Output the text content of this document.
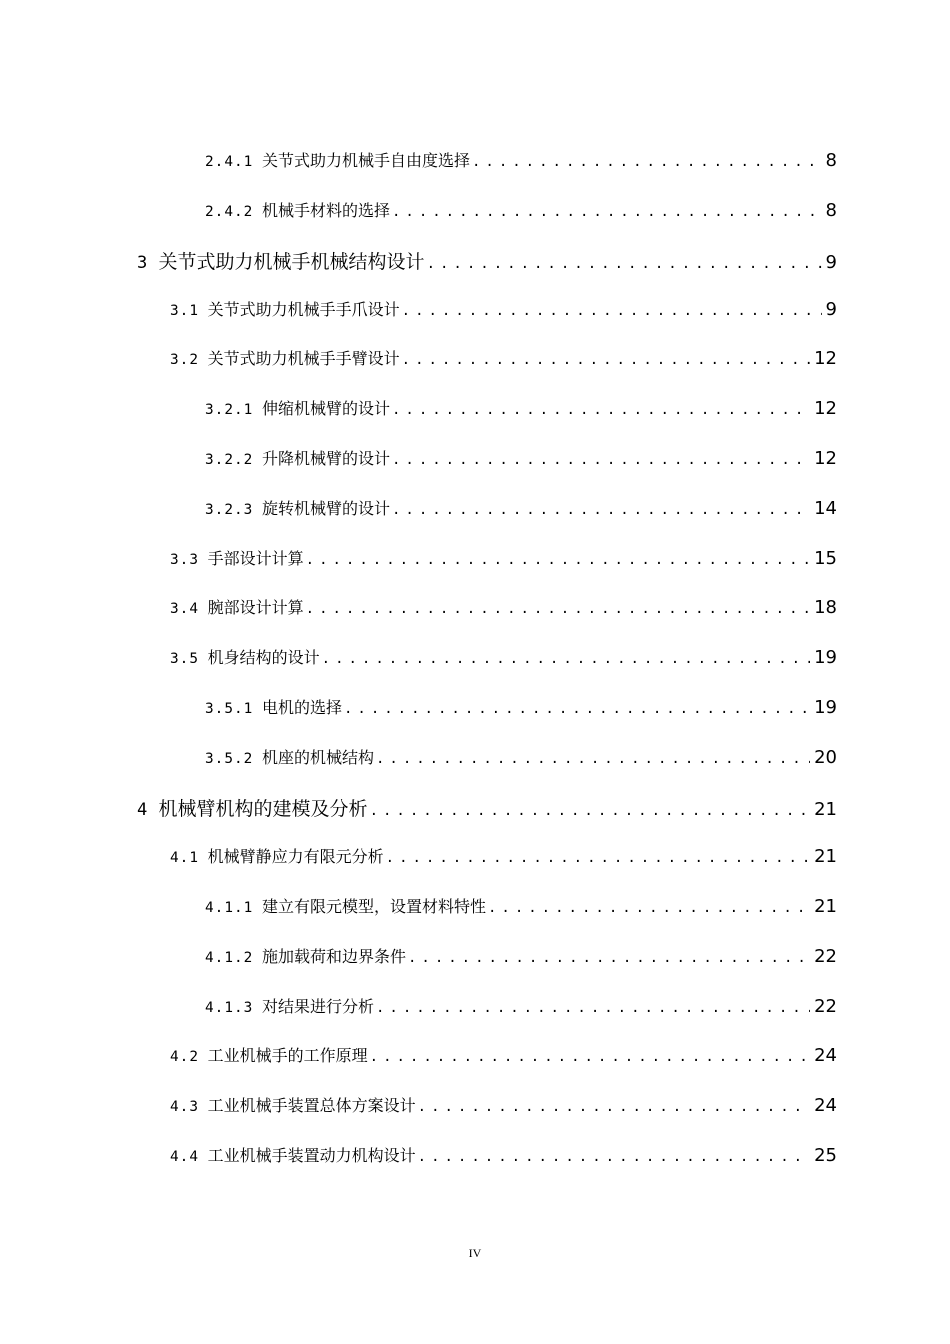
2.4.1 关节式助力机械手自由度选择 .....	8
2.4.2 机械手材料的选择 .....	8
3 关节式助力机械手机械结构设计 .....	9
3.1 关节式助力机械手手爪设计 .....	9
3.2 关节式助力机械手手臂设计 .....	12
3.2.1 伸缩机械臂的设计 .....	12
3.2.2 升降机械臂的设计 .....	12
3.2.3 旋转机械臂的设计 .....	14
3.3 手部设计计算 .....	15
3.4 腕部设计计算 .....	18
3.5 机身结构的设计 .....	19
3.5.1 电机的选择 .....	19
3.5.2 机座的机械结构 .....	20
4 机械臂机构的建模及分析 .....	21
4.1 机械臂静应力有限元分析 .....	21
4.1.1 建立有限元模型，设置材料特性 .....	21
4.1.2 施加载荷和边界条件 .....	22
4.1.3 对结果进行分析 .....	22
4.2 工业机械手的工作原理 .....	24
4.3 工业机械手装置总体方案设计 .....	24
4.4 工业机械手装置动力机构设计 .....	25
IV
